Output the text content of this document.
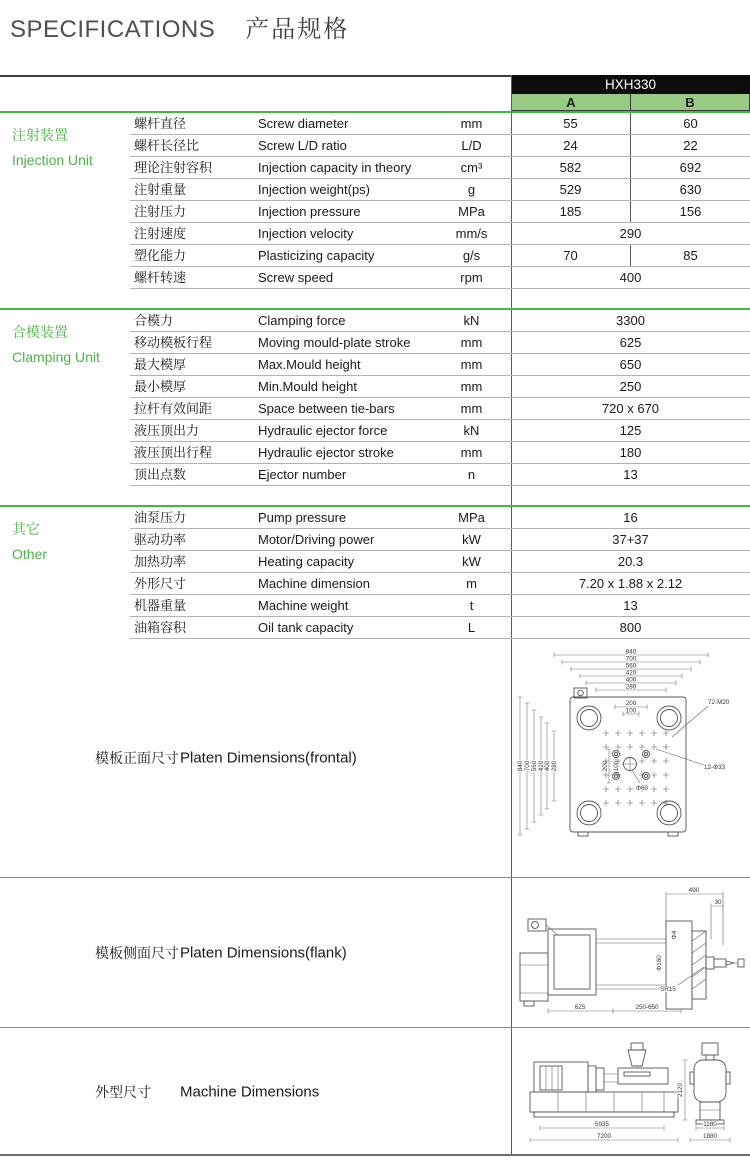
SPECIFICATIONS 产品规格
HXH330
A	B
注射装置
Injection Unit
螺杆直径	Screw diameter	mm	55	60
螺杆长径比	Screw L/D ratio	L/D	24	22
理论注射容积	Injection capacity in theory	cm³	582	692
注射重量	Injection weight(ps)	g	529	630
注射压力	Injection pressure	MPa	185	156
注射速度	Injection velocity	mm/s	290
塑化能力	Plasticizing capacity	g/s	70	85
螺杆转速	Screw speed	rpm	400
合模装置
Clamping Unit
合模力	Clamping force	kN	3300
移动模板行程	Moving mould-plate stroke	mm	625
最大模厚	Max.Mould height	mm	650
最小模厚	Min.Mould height	mm	250
拉杆有效间距	Space between tie-bars	mm	720 x 670
液压顶出力	Hydraulic ejector force	kN	125
液压顶出行程	Hydraulic ejector stroke	mm	180
顶出点数	Ejector number	n	13
其它
Other
油泵压力	Pump pressure	MPa	16
驱动功率	Motor/Driving power	kW	37+37
加热功率	Heating capacity	kW	20.3
外形尺寸	Machine dimension	m	7.20 x 1.88 x 2.12
机器重量	Machine weight	t	13
油箱容积	Oil tank capacity	L	800
模板正面尺寸 Platen Dimensions(frontal)
840
700
560
420
400
280
840 700 560 420 400 280
200
100
200 100
72-M20
12-Φ33
Φ60
模板侧面尺寸 Platen Dimensions(flank)
490
30
Φ4
Φ160
SR15
625	250-650
外型尺寸 Machine Dimensions
5935
7200
2120
1180
1880
